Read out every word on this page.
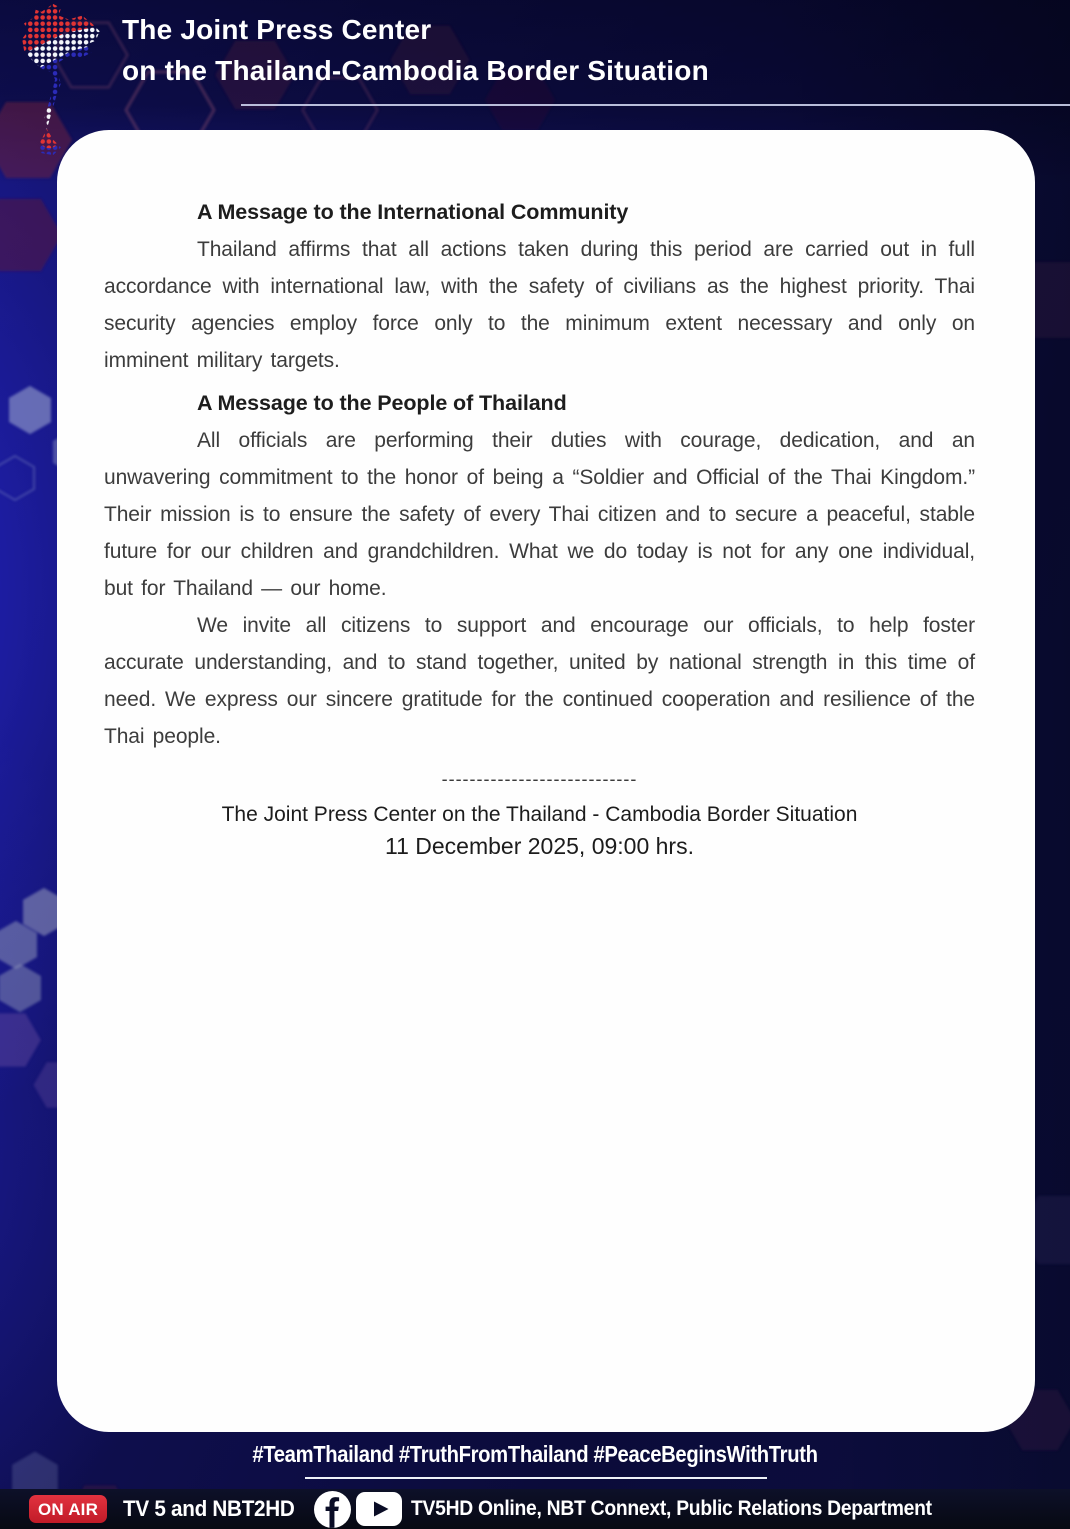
The Joint Press Center
on the Thailand-Cambodia Border Situation
A Message to the International Community

Thailand affirms that all actions taken during this period are carried out in full accordance with international law, with the safety of civilians as the highest priority. Thai security agencies employ force only to the minimum extent necessary and only on imminent military targets.

A Message to the People of Thailand

All officials are performing their duties with courage, dedication, and an unwavering commitment to the honor of being a “Soldier and Official of the Thai Kingdom.” Their mission is to ensure the safety of every Thai citizen and to secure a peaceful, stable future for our children and grandchildren. What we do today is not for any one individual, but for Thailand — our home.

We invite all citizens to support and encourage our officials, to help foster accurate understanding, and to stand together, united by national strength in this time of need. We express our sincere gratitude for the continued cooperation and resilience of the Thai people.

----------------------------
The Joint Press Center on the Thailand - Cambodia Border Situation
11 December 2025, 09:00 hrs.
#TeamThailand #TruthFromThailand #PeaceBeginsWithTruth
ON AIR	TV 5 and NBT2HD	TV5HD Online, NBT Connext, Public Relations Department
